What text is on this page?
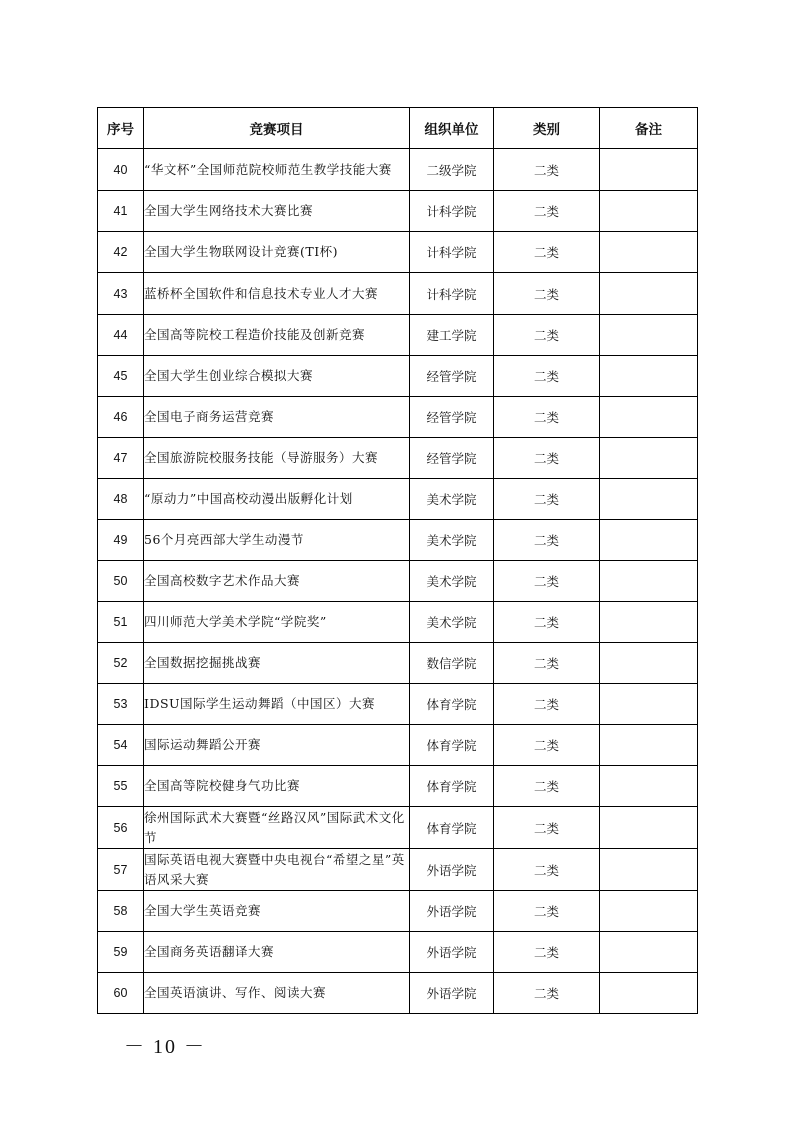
序号	竞赛项目	组织单位	类别	备注
40	“华文杯”全国师范院校师范生教学技能大赛	二级学院	二类	
41	全国大学生网络技术大赛比赛	计科学院	二类	
42	全国大学生物联网设计竞赛(TI杯)	计科学院	二类	
43	蓝桥杯全国软件和信息技术专业人才大赛	计科学院	二类	
44	全国高等院校工程造价技能及创新竞赛	建工学院	二类	
45	全国大学生创业综合模拟大赛	经管学院	二类	
46	全国电子商务运营竞赛	经管学院	二类	
47	全国旅游院校服务技能（导游服务）大赛	经管学院	二类	
48	“原动力”中国高校动漫出版孵化计划	美术学院	二类	
49	56个月亮西部大学生动漫节	美术学院	二类	
50	全国高校数字艺术作品大赛	美术学院	二类	
51	四川师范大学美术学院“学院奖”	美术学院	二类	
52	全国数据挖掘挑战赛	数信学院	二类	
53	IDSU国际学生运动舞蹈（中国区）大赛	体育学院	二类	
54	国际运动舞蹈公开赛	体育学院	二类	
55	全国高等院校健身气功比赛	体育学院	二类	
56	徐州国际武术大赛暨“丝路汉风”国际武术文化节	体育学院	二类	
57	国际英语电视大赛暨中央电视台“希望之星”英语风采大赛	外语学院	二类	
58	全国大学生英语竞赛	外语学院	二类	
59	全国商务英语翻译大赛	外语学院	二类	
60	全国英语演讲、写作、阅读大赛	外语学院	二类	
－ 10 －
